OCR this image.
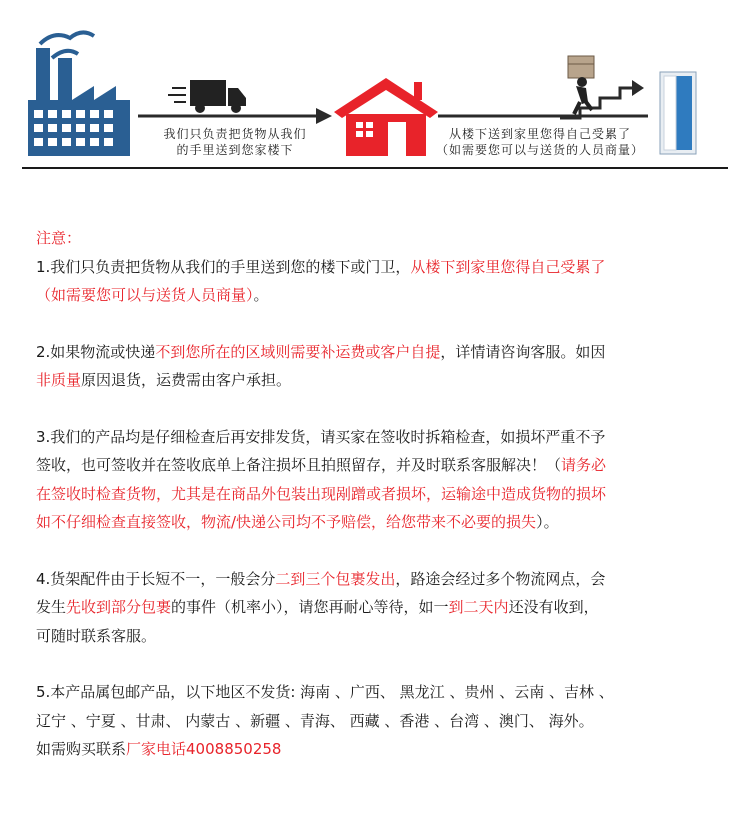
我们只负责把货物从我们
的手里送到您家楼下
从楼下送到家里您得自己受累了
（如需要您可以与送货的人员商量）

注意：

1.我们只负责把货物从我们的手里送到您的楼下或门卫，从楼下到家里您得自己受累了

（如需要您可以与送货人员商量）。

2.如果物流或快递不到您所在的区域则需要补运费或客户自提，详情请咨询客服。如因

非质量原因退货，运费需由客户承担。

3.我们的产品均是仔细检查后再安排发货，请买家在签收时拆箱检查，如损坏严重不予

签收，也可签收并在签收底单上备注损坏且拍照留存，并及时联系客服解决！（请务必

在签收时检查货物，尤其是在商品外包装出现剐蹭或者损坏，运输途中造成货物的损坏

如不仔细检查直接签收，物流/快递公司均不予赔偿，给您带来不必要的损失）。

4.货架配件由于长短不一，一般会分二到三个包裹发出，路途会经过多个物流网点，会

发生先收到部分包裹的事件（机率小），请您再耐心等待，如一到二天内还没有收到，

可随时联系客服。

5.本产品属包邮产品，以下地区不发货: 海南 、广西、 黑龙江 、贵州 、云南 、吉林 、

辽宁 、宁夏 、甘肃、 内蒙古 、新疆 、青海、 西藏 、香港 、台湾 、澳门、 海外。

如需购买联系厂家电话4008850258
